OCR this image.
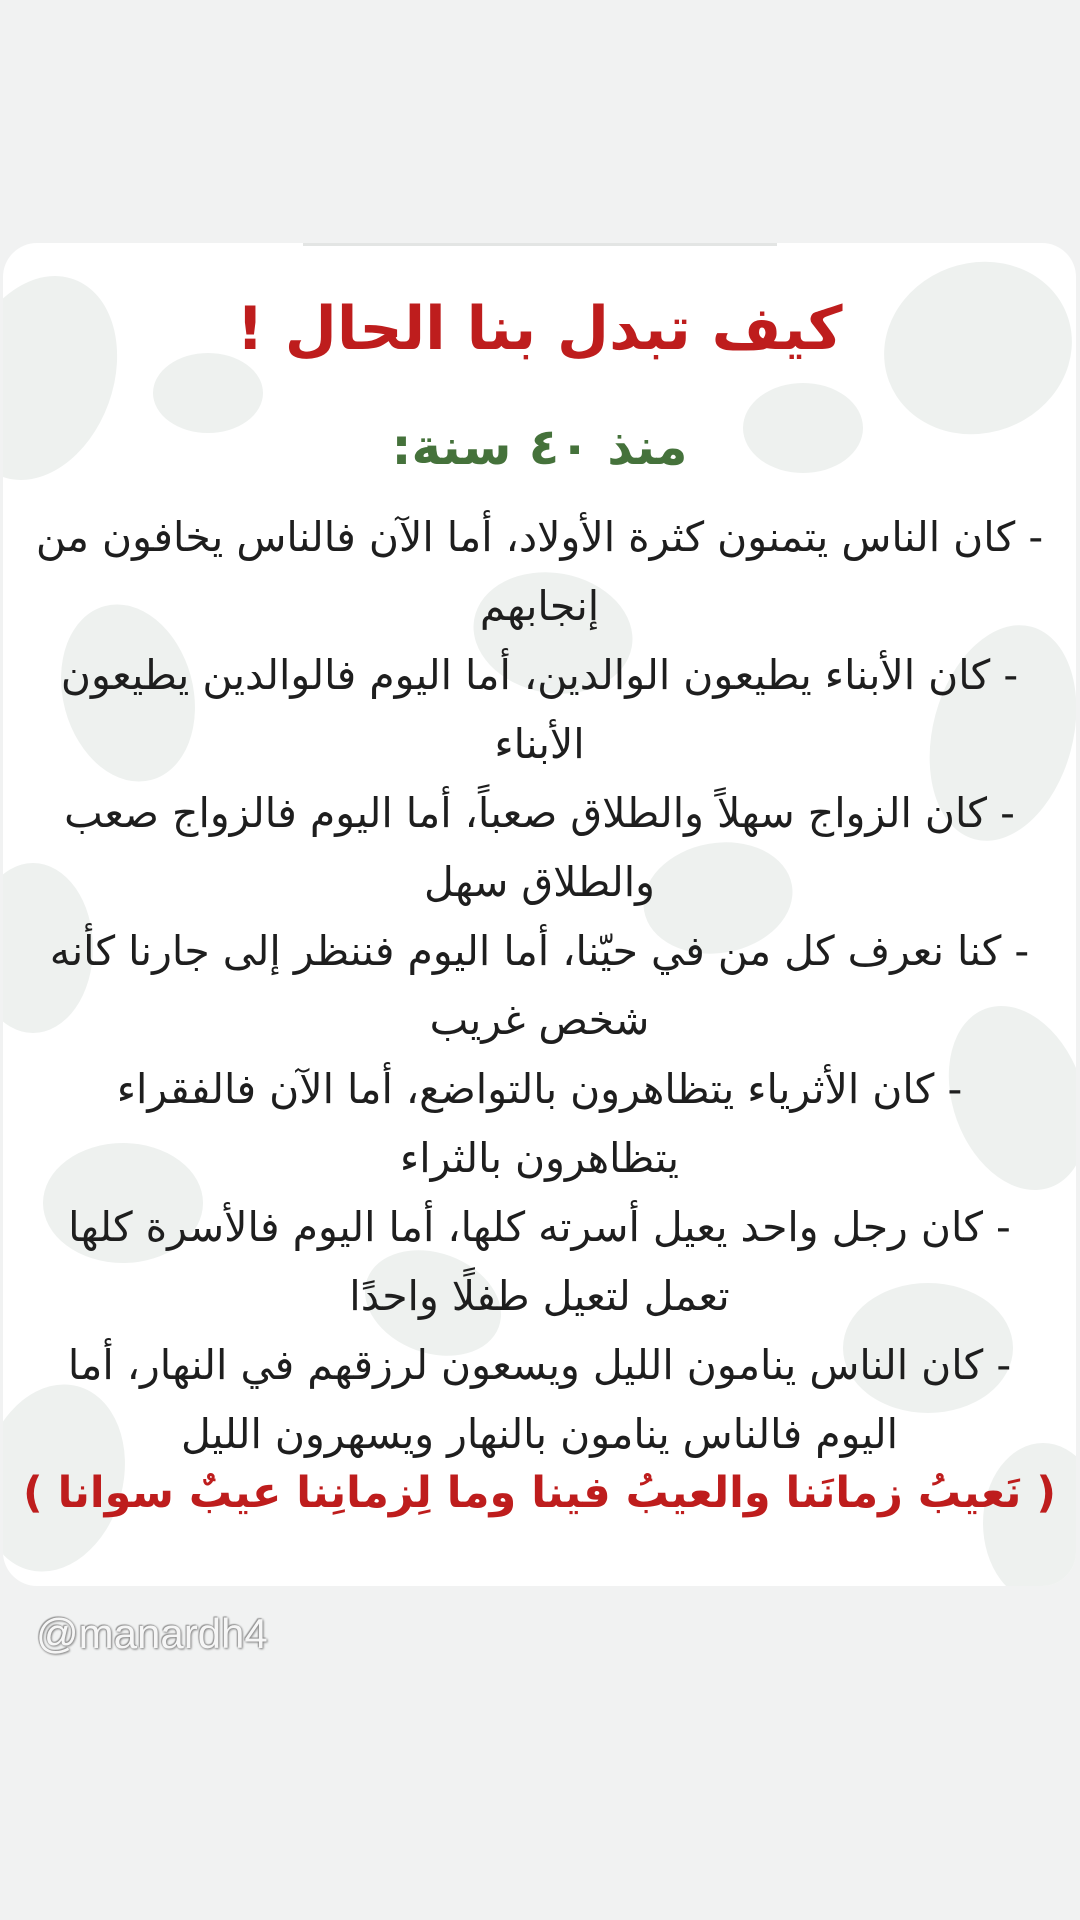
كيف تبدل بنا الحال !
منذ ٤٠ سنة:
- كان الناس يتمنون كثرة الأولاد، أما الآن فالناس يخافون من إنجابهم
- كان الأبناء يطيعون الوالدين، أما اليوم فالوالدين يطيعون الأبناء
- كان الزواج سهلاً والطلاق صعباً، أما اليوم فالزواج صعب والطلاق سهل
- كنا نعرف كل من في حيّنا، أما اليوم فننظر إلى جارنا كأنه شخص غريب
- كان الأثرياء يتظاهرون بالتواضع، أما الآن فالفقراء يتظاهرون بالثراء
- كان رجل واحد يعيل أسرته كلها، أما اليوم فالأسرة كلها تعمل لتعيل طفلًا واحدًا
- كان الناس ينامون الليل ويسعون لرزقهم في النهار، أما اليوم فالناس ينامون بالنهار ويسهرون الليل

( نَعيبُ زمانَنا والعيبُ فينا وما لِزمانِنا عيبٌ سوانا )

@manardh4
